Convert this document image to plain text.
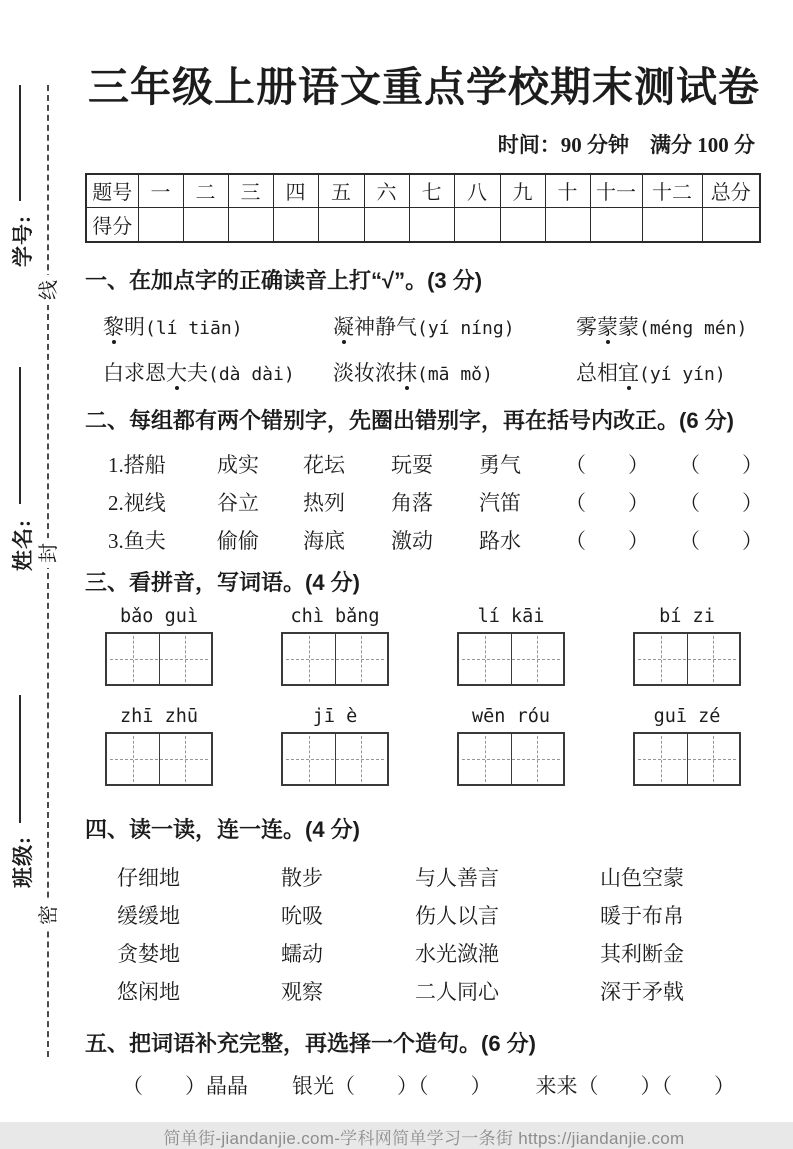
学号:
姓名:
班级:
线
封
密
三年级上册语文重点学校期末测试卷
时间：90 分钟　满分 100 分
题号	一	二	三	四	五	六	七	八	九	十	十一	十二	总分
得分													
一、在加点字的正确读音上打“√”。(3 分)
黎明(lí tiān)	凝神静气(yí níng)	雾蒙蒙(méng mén)
白求恩大夫(dà dài)	淡妆浓抹(mā mǒ)	总相宜(yí yín)
二、每组都有两个错别字，先圈出错别字，再在括号内改正。(6 分)
1.搭船	成实	花坛	玩耍	勇气	（　　）	（　　）
2.视线	谷立	热列	角落	汽笛	（　　）	（　　）
3.鱼夫	偷偷	海底	激动	路水	（　　）	（　　）
三、看拼音，写词语。(4 分)
bǎo guì	chì bǎng	lí kāi	bí zi
zhī zhū	jī è	wēn róu	guī zé
四、读一读，连一连。(4 分)
仔细地	散步	与人善言	山色空蒙
缓缓地	吮吸	伤人以言	暖于布帛
贪婪地	蠕动	水光潋滟	其利断金
悠闲地	观察	二人同心	深于矛戟
五、把词语补充完整，再选择一个造句。(6 分)
（　　）晶晶 银光（　　）（　　） 来来（　　）（　　）
简单街-jiandanjie.com-学科网简单学习一条街 https://jiandanjie.com
